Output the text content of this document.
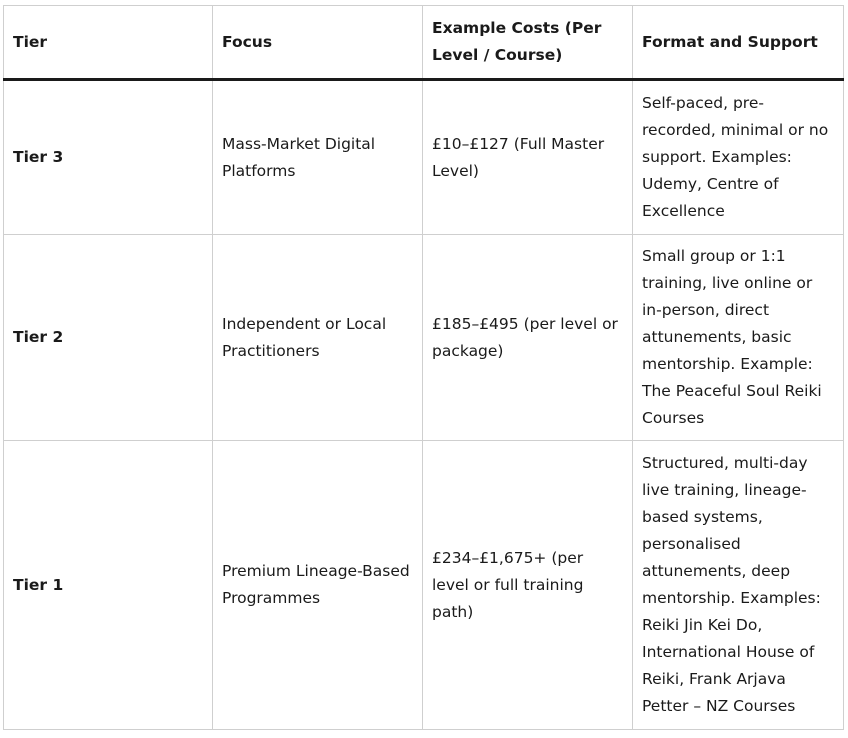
Tier	Focus	Example Costs (Per Level / Course)	Format and Support
Tier 3	Mass-Market Digital Platforms	£10–£127 (Full Master Level)	Self-paced, pre-recorded, minimal or no support. Examples: Udemy, Centre of Excellence
Tier 2	Independent or Local Practitioners	£185–£495 (per level or package)	Small group or 1:1 training, live online or in-person, direct attunements, basic mentorship. Example: The Peaceful Soul Reiki Courses
Tier 1	Premium Lineage-Based Programmes	£234–£1,675+ (per level or full training path)	Structured, multi-day live training, lineage-based systems, personalised attunements, deep mentorship. Examples: Reiki Jin Kei Do, International House of Reiki, Frank Arjava Petter – NZ Courses
